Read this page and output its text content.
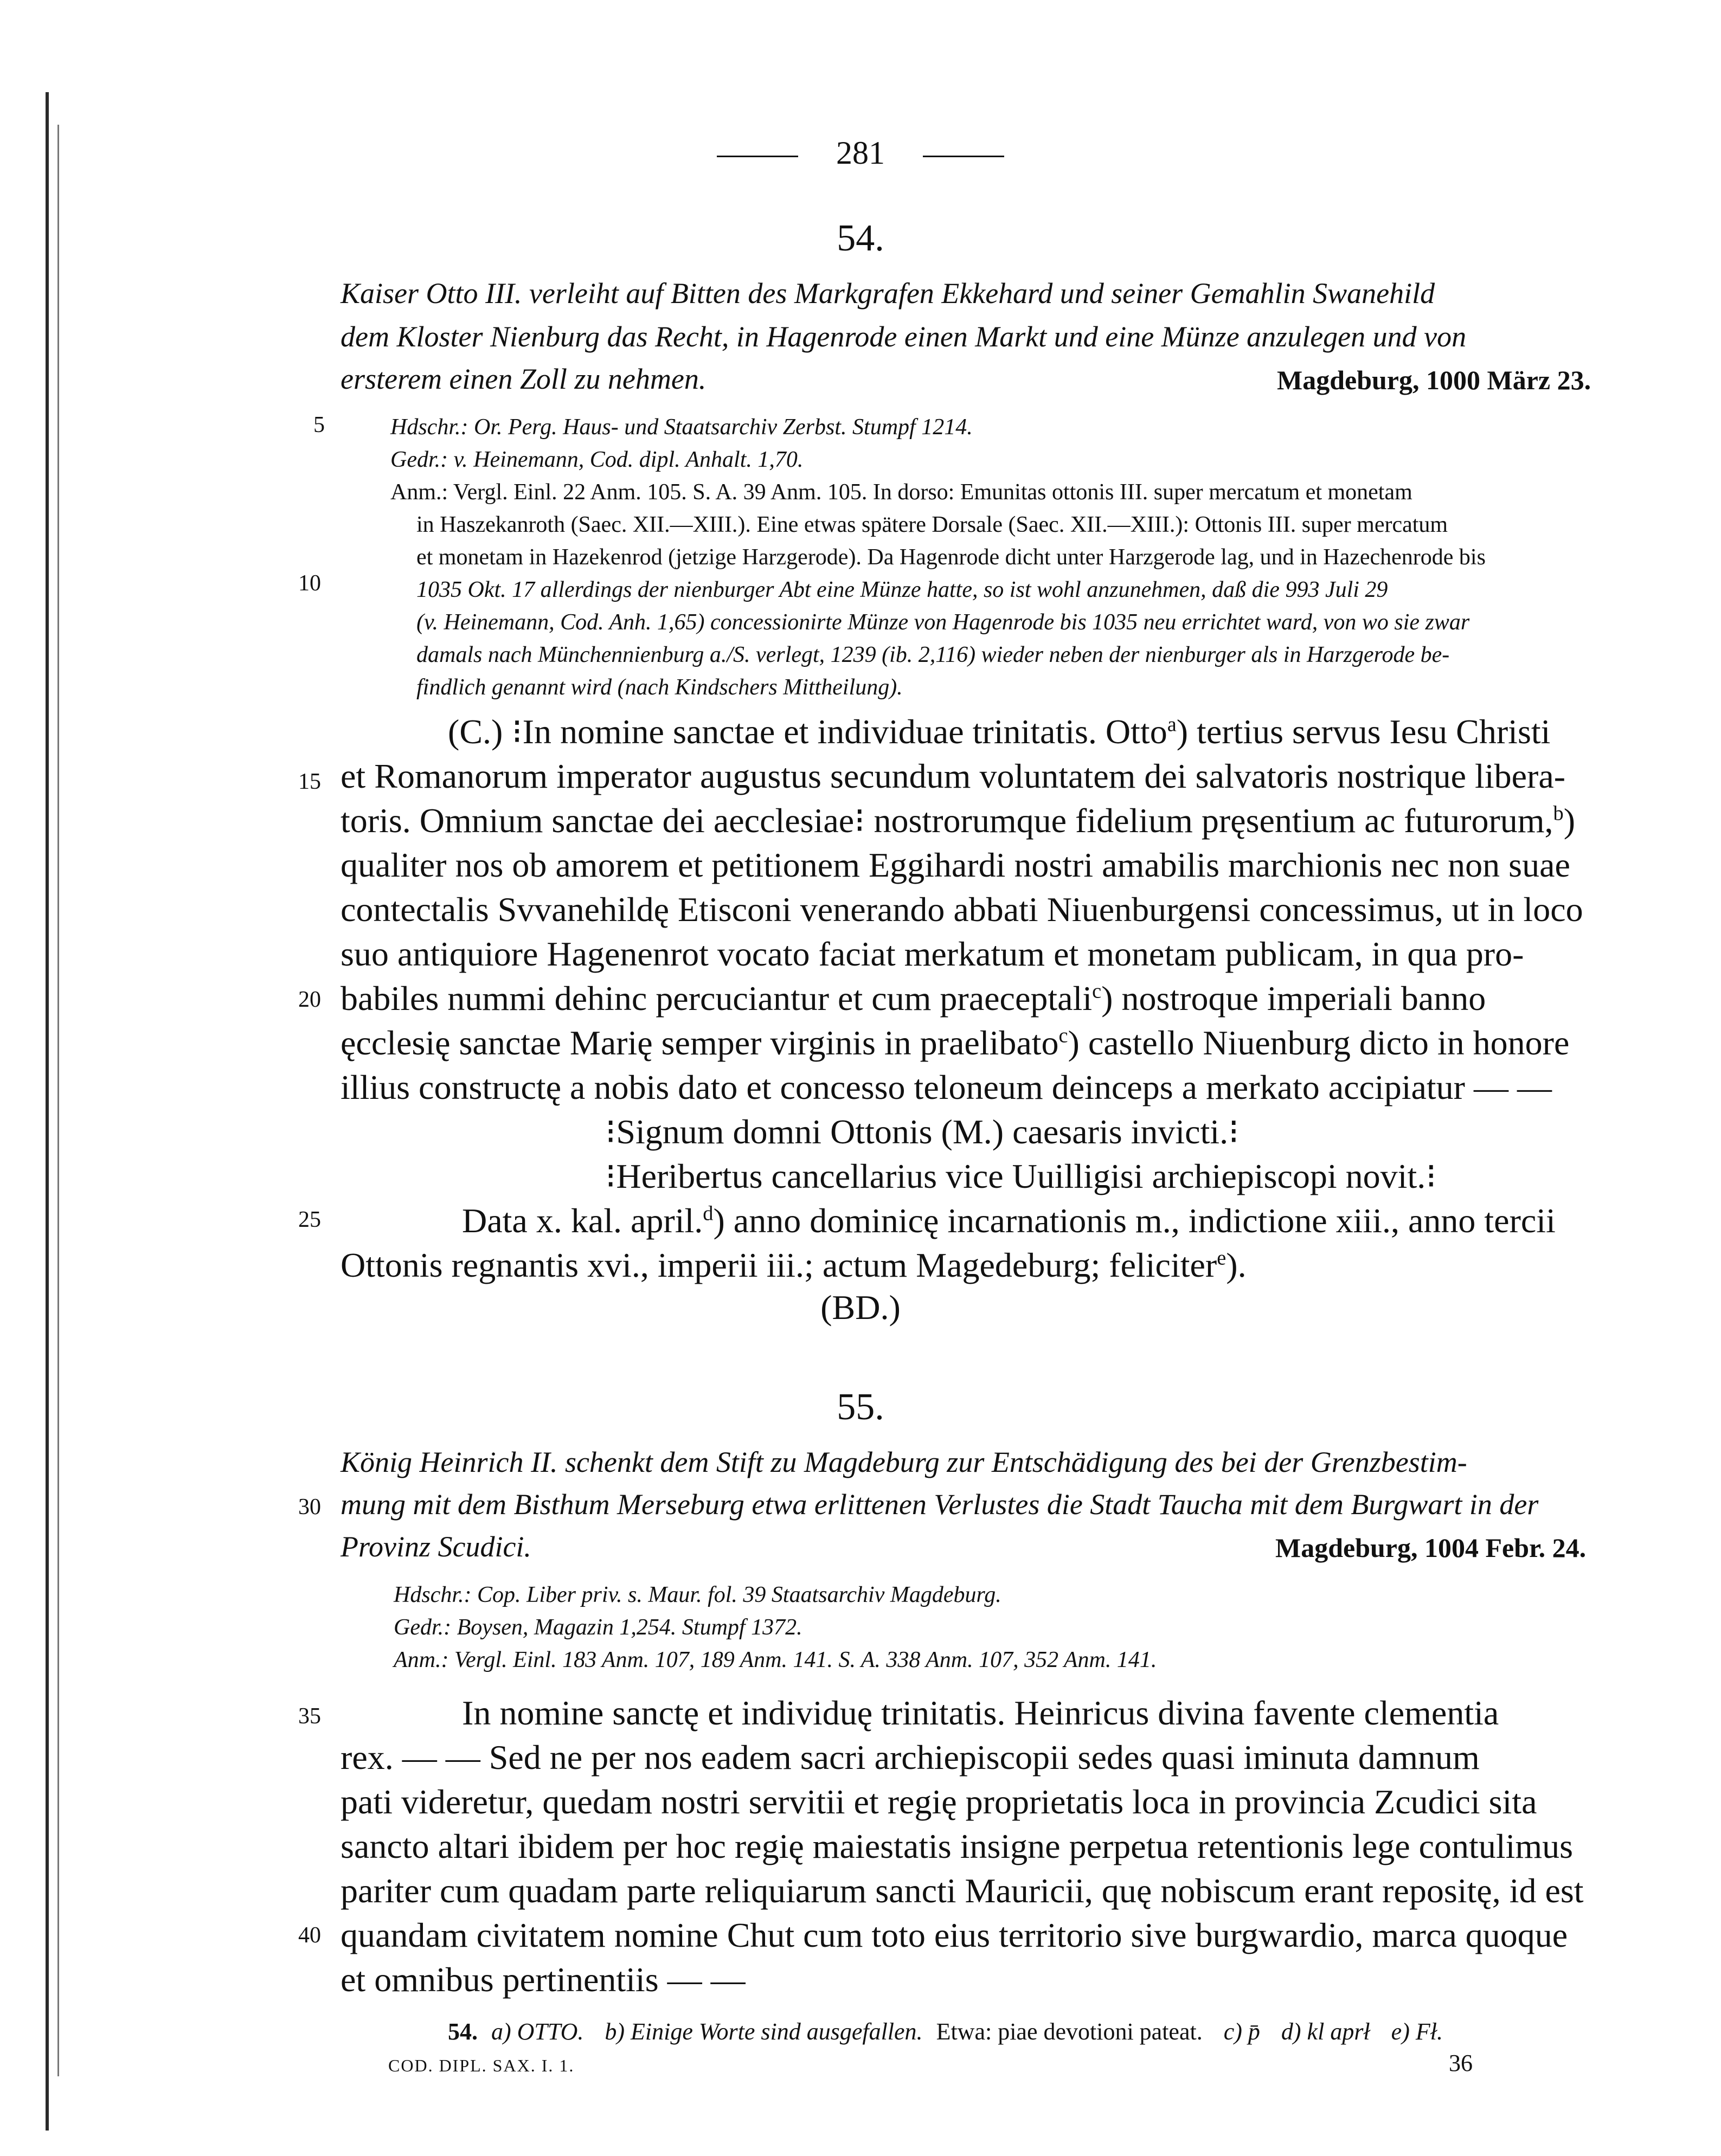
281
54.
Kaiser Otto III. verleiht auf Bitten des Markgrafen Ekkehard und seiner Gemahlin Swanehild
dem Kloster Nienburg das Recht, in Hagenrode einen Markt und eine Münze anzulegen und von
ersterem einen Zoll zu nehmen.	Magdeburg, 1000 März 23.
5
10
15
20
25
30
35
40
Hdschr.: Or. Perg. Haus- und Staatsarchiv Zerbst. Stumpf 1214.
Gedr.: v. Heinemann, Cod. dipl. Anhalt. 1,70.
Anm.: Vergl. Einl. 22 Anm. 105. S. A. 39 Anm. 105. In dorso: Emunitas ottonis III. super mercatum et monetam
in Haszekanroth (Saec. XII.—XIII.). Eine etwas spätere Dorsale (Saec. XII.—XIII.): Ottonis III. super mercatum
et monetam in Hazekenrod (jetzige Harzgerode). Da Hagenrode dicht unter Harzgerode lag, und in Hazechenrode bis
1035 Okt. 17 allerdings der nienburger Abt eine Münze hatte, so ist wohl anzunehmen, daß die 993 Juli 29
(v. Heinemann, Cod. Anh. 1,65) concessionirte Münze von Hagenrode bis 1035 neu errichtet ward, von wo sie zwar
damals nach Münchennienburg a./S. verlegt, 1239 (ib. 2,116) wieder neben der nienburger als in Harzgerode be-
findlich genannt wird (nach Kindschers Mittheilung).
(C.) ⁝In nomine sanctae et individuae trinitatis. Otto$^a$) tertius servus Iesu Christi
et Romanorum imperator augustus secundum voluntatem dei salvatoris nostrique libera-
toris. Omnium sanctae dei aecclesiae⁝ nostrorumque fidelium pręsentium ac futurorum,$^b$)
qualiter nos ob amorem et petitionem Eggihardi nostri amabilis marchionis nec non suae
contectalis Svvanehildę Etisconi venerando abbati Niuenburgensi concessimus, ut in loco
suo antiquiore Hagenenrot vocato faciat merkatum et monetam publicam, in qua pro-
babiles nummi dehinc percuciantur et cum praeceptali$^c$) nostroque imperiali banno
ęcclesię sanctae Marię semper virginis in praelibato$^c$) castello Niuenburg dicto in honore
illius constructę a nobis dato et concesso teloneum deinceps a merkato accipiatur — —
⁝Signum domni Ottonis (M.) caesaris invicti.⁝
⁝Heribertus cancellarius vice Uuilligisi archiepiscopi novit.⁝
Data x. kal. april.$^d$) anno dominicę incarnationis m., indictione xiii., anno tercii
Ottonis regnantis xvi., imperii iii.; actum Magedeburg; feliciter$^e$).
(BD.)
55.
König Heinrich II. schenkt dem Stift zu Magdeburg zur Entschädigung des bei der Grenzbestim-
mung mit dem Bisthum Merseburg etwa erlittenen Verlustes die Stadt Taucha mit dem Burgwart in der
Provinz Scudici.	Magdeburg, 1004 Febr. 24.
Hdschr.: Cop. Liber priv. s. Maur. fol. 39 Staatsarchiv Magdeburg.
Gedr.: Boysen, Magazin 1,254. Stumpf 1372.
Anm.: Vergl. Einl. 183 Anm. 107, 189 Anm. 141. S. A. 338 Anm. 107, 352 Anm. 141.
In nomine sanctę et individuę trinitatis. Heinricus divina favente clementia
rex. — — Sed ne per nos eadem sacri archiepiscopii sedes quasi iminuta damnum
pati videretur, quedam nostri servitii et regię proprietatis loca in provincia Zcudici sita
sancto altari ibidem per hoc regię maiestatis insigne perpetua retentionis lege contulimus
pariter cum quadam parte reliquiarum sancti Mauricii, quę nobiscum erant repositę, id est
quandam civitatem nomine Chut cum toto eius territorio sive burgwardio, marca quoque
et omnibus pertinentiis — —
54. a) OTTO. b) Einige Worte sind ausgefallen. Etwa: piae devotioni pateat. c) p̄ d) kl aprł e) Fł.
COD. DIPL. SAX. I. 1.	36
